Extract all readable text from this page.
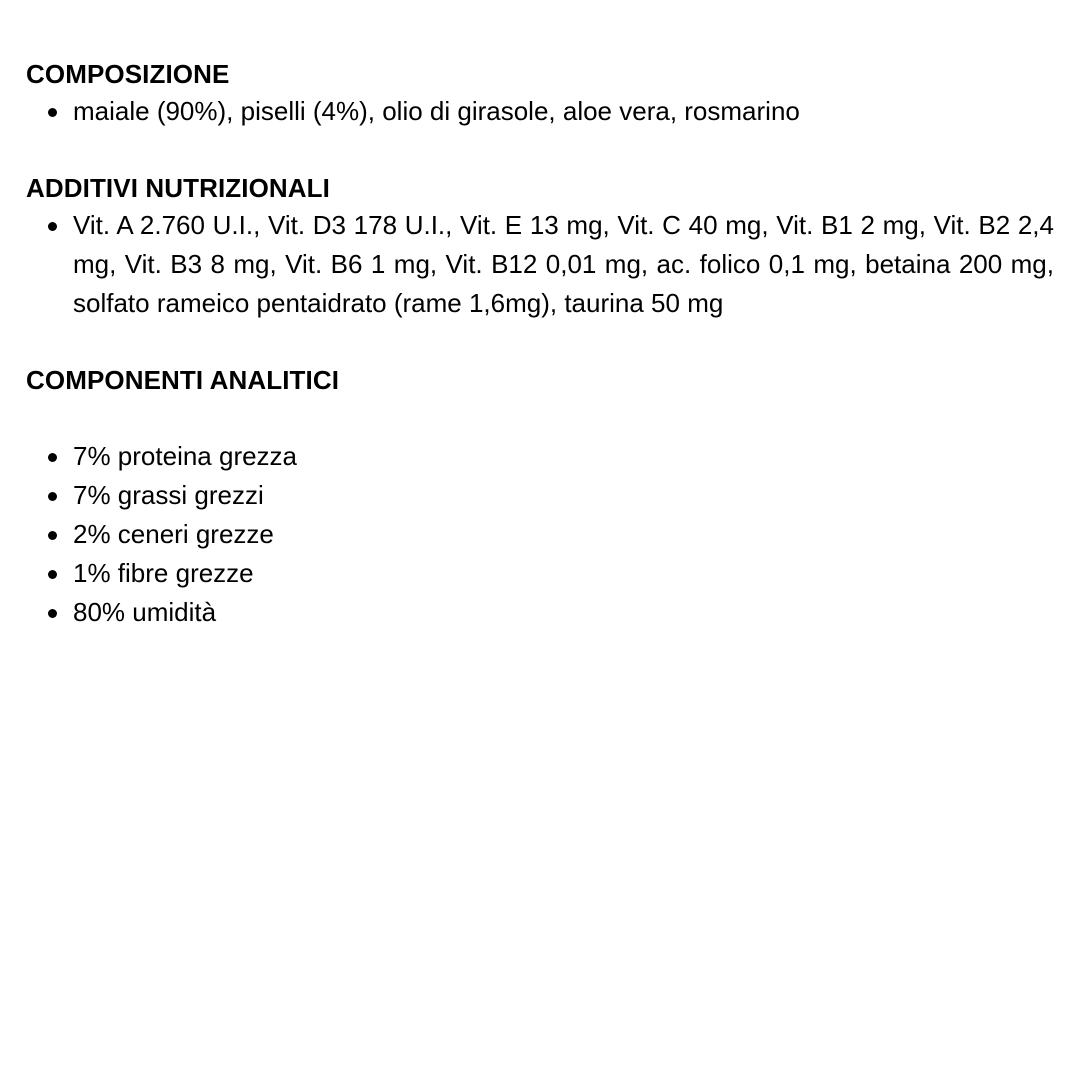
COMPOSIZIONE
maiale (90%), piselli (4%), olio di girasole, aloe vera, rosmarino
ADDITIVI NUTRIZIONALI
Vit. A 2.760 U.I., Vit. D3 178 U.I., Vit. E 13 mg, Vit. C 40 mg, Vit. B1 2 mg, Vit. B2 2,4 mg, Vit. B3 8 mg, Vit. B6 1 mg, Vit. B12 0,01 mg, ac. folico 0,1 mg, betaina 200 mg, solfato rameico pentaidrato (rame 1,6mg), taurina 50 mg
COMPONENTI ANALITICI
7% proteina grezza
7% grassi grezzi
2% ceneri grezze
1% fibre grezze
80% umidità
